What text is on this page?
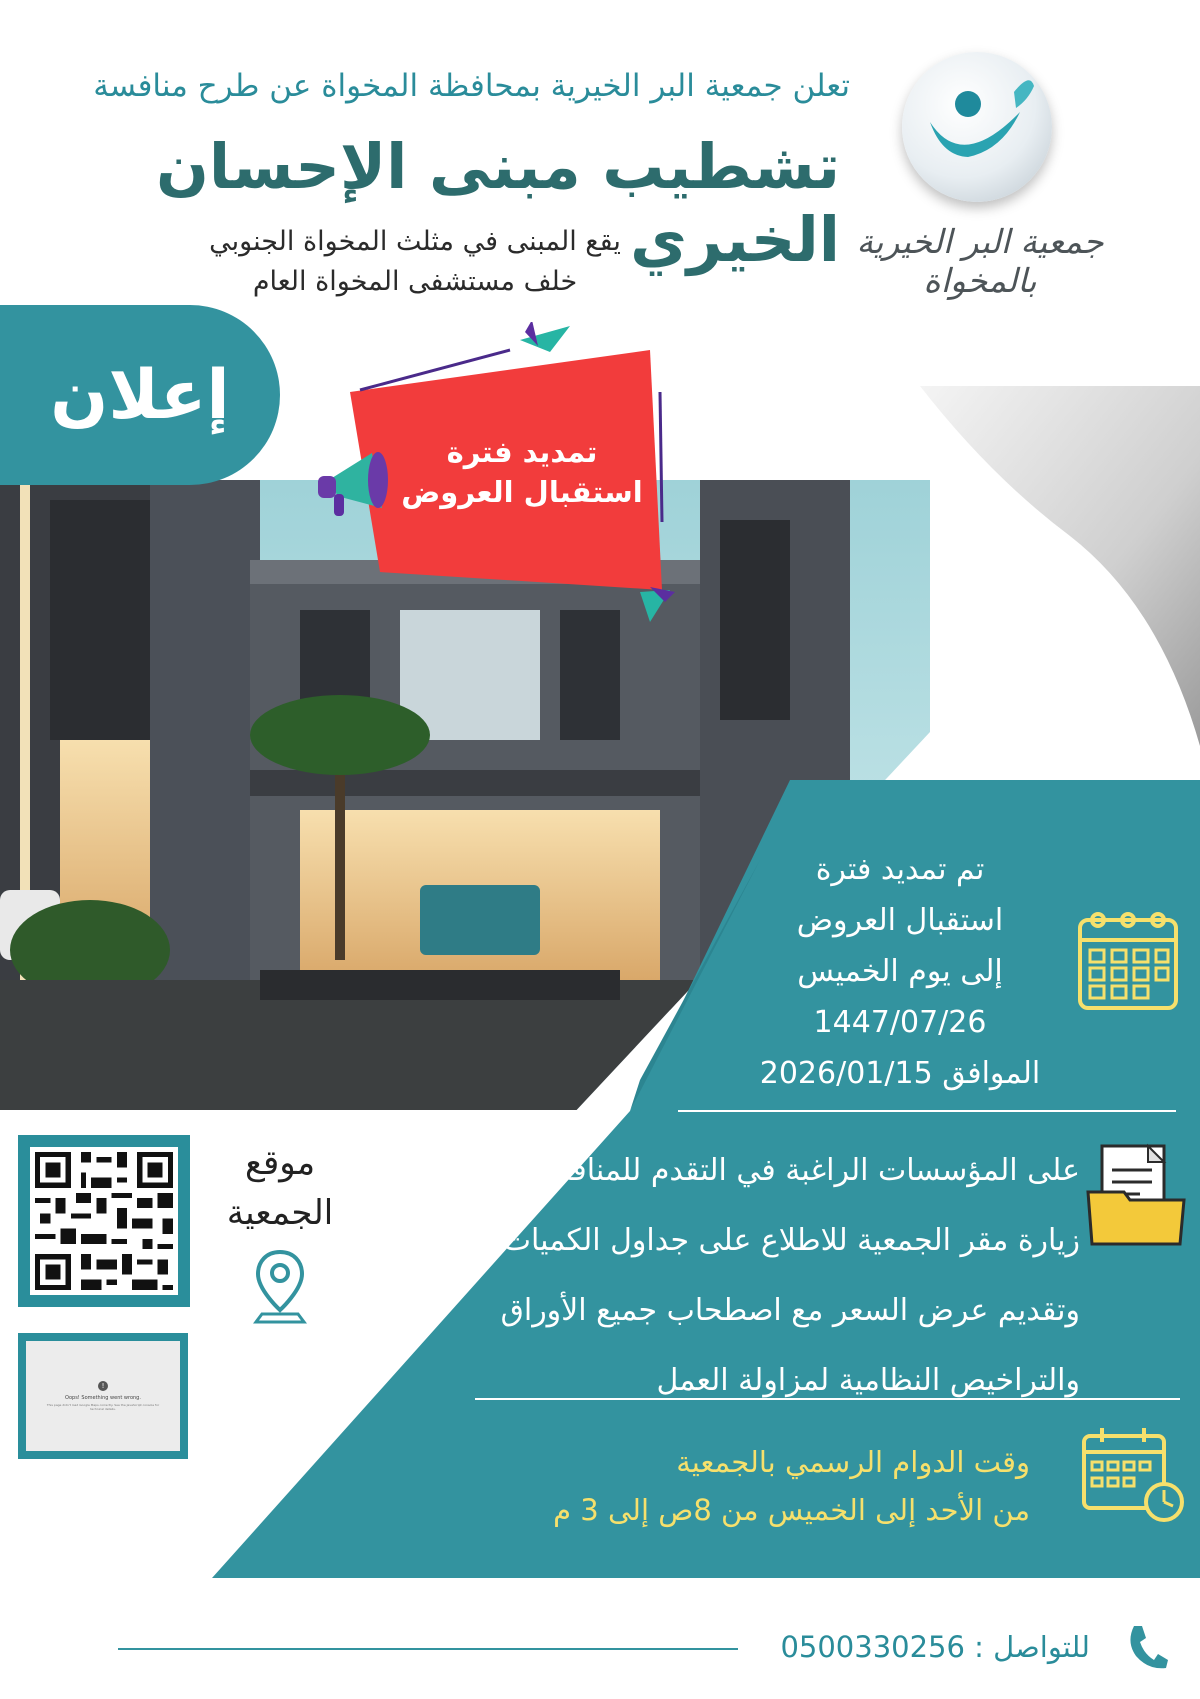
تعلن جمعية البر الخيرية بمحافظة المخواة عن طرح منافسة
تشطيب مبنى الإحسان الخيري
يقع المبنى في مثلث المخواة الجنوبي
خلف مستشفى المخواة العام
جمعية البر الخيرية بالمخواة
إعلان
تمديد فترة
استقبال العروض
تم تمديد فترة
استقبال العروض
إلى يوم الخميس
1447/07/26
الموافق 2026/01/15
على المؤسسات الراغبة في التقدم للمنافسة
زيارة مقر الجمعية للاطلاع على جداول الكميات
وتقديم عرض السعر مع اصطحاب جميع الأوراق
والتراخيص النظامية لمزاولة العمل
وقت الدوام الرسمي بالجمعية
من الأحد إلى الخميس من 8ص إلى 3 م
موقع
الجمعية
!
Oops! Something went wrong.
This page didn't load Google Maps correctly. See the JavaScript console for technical details.
للتواصل : 0500330256
